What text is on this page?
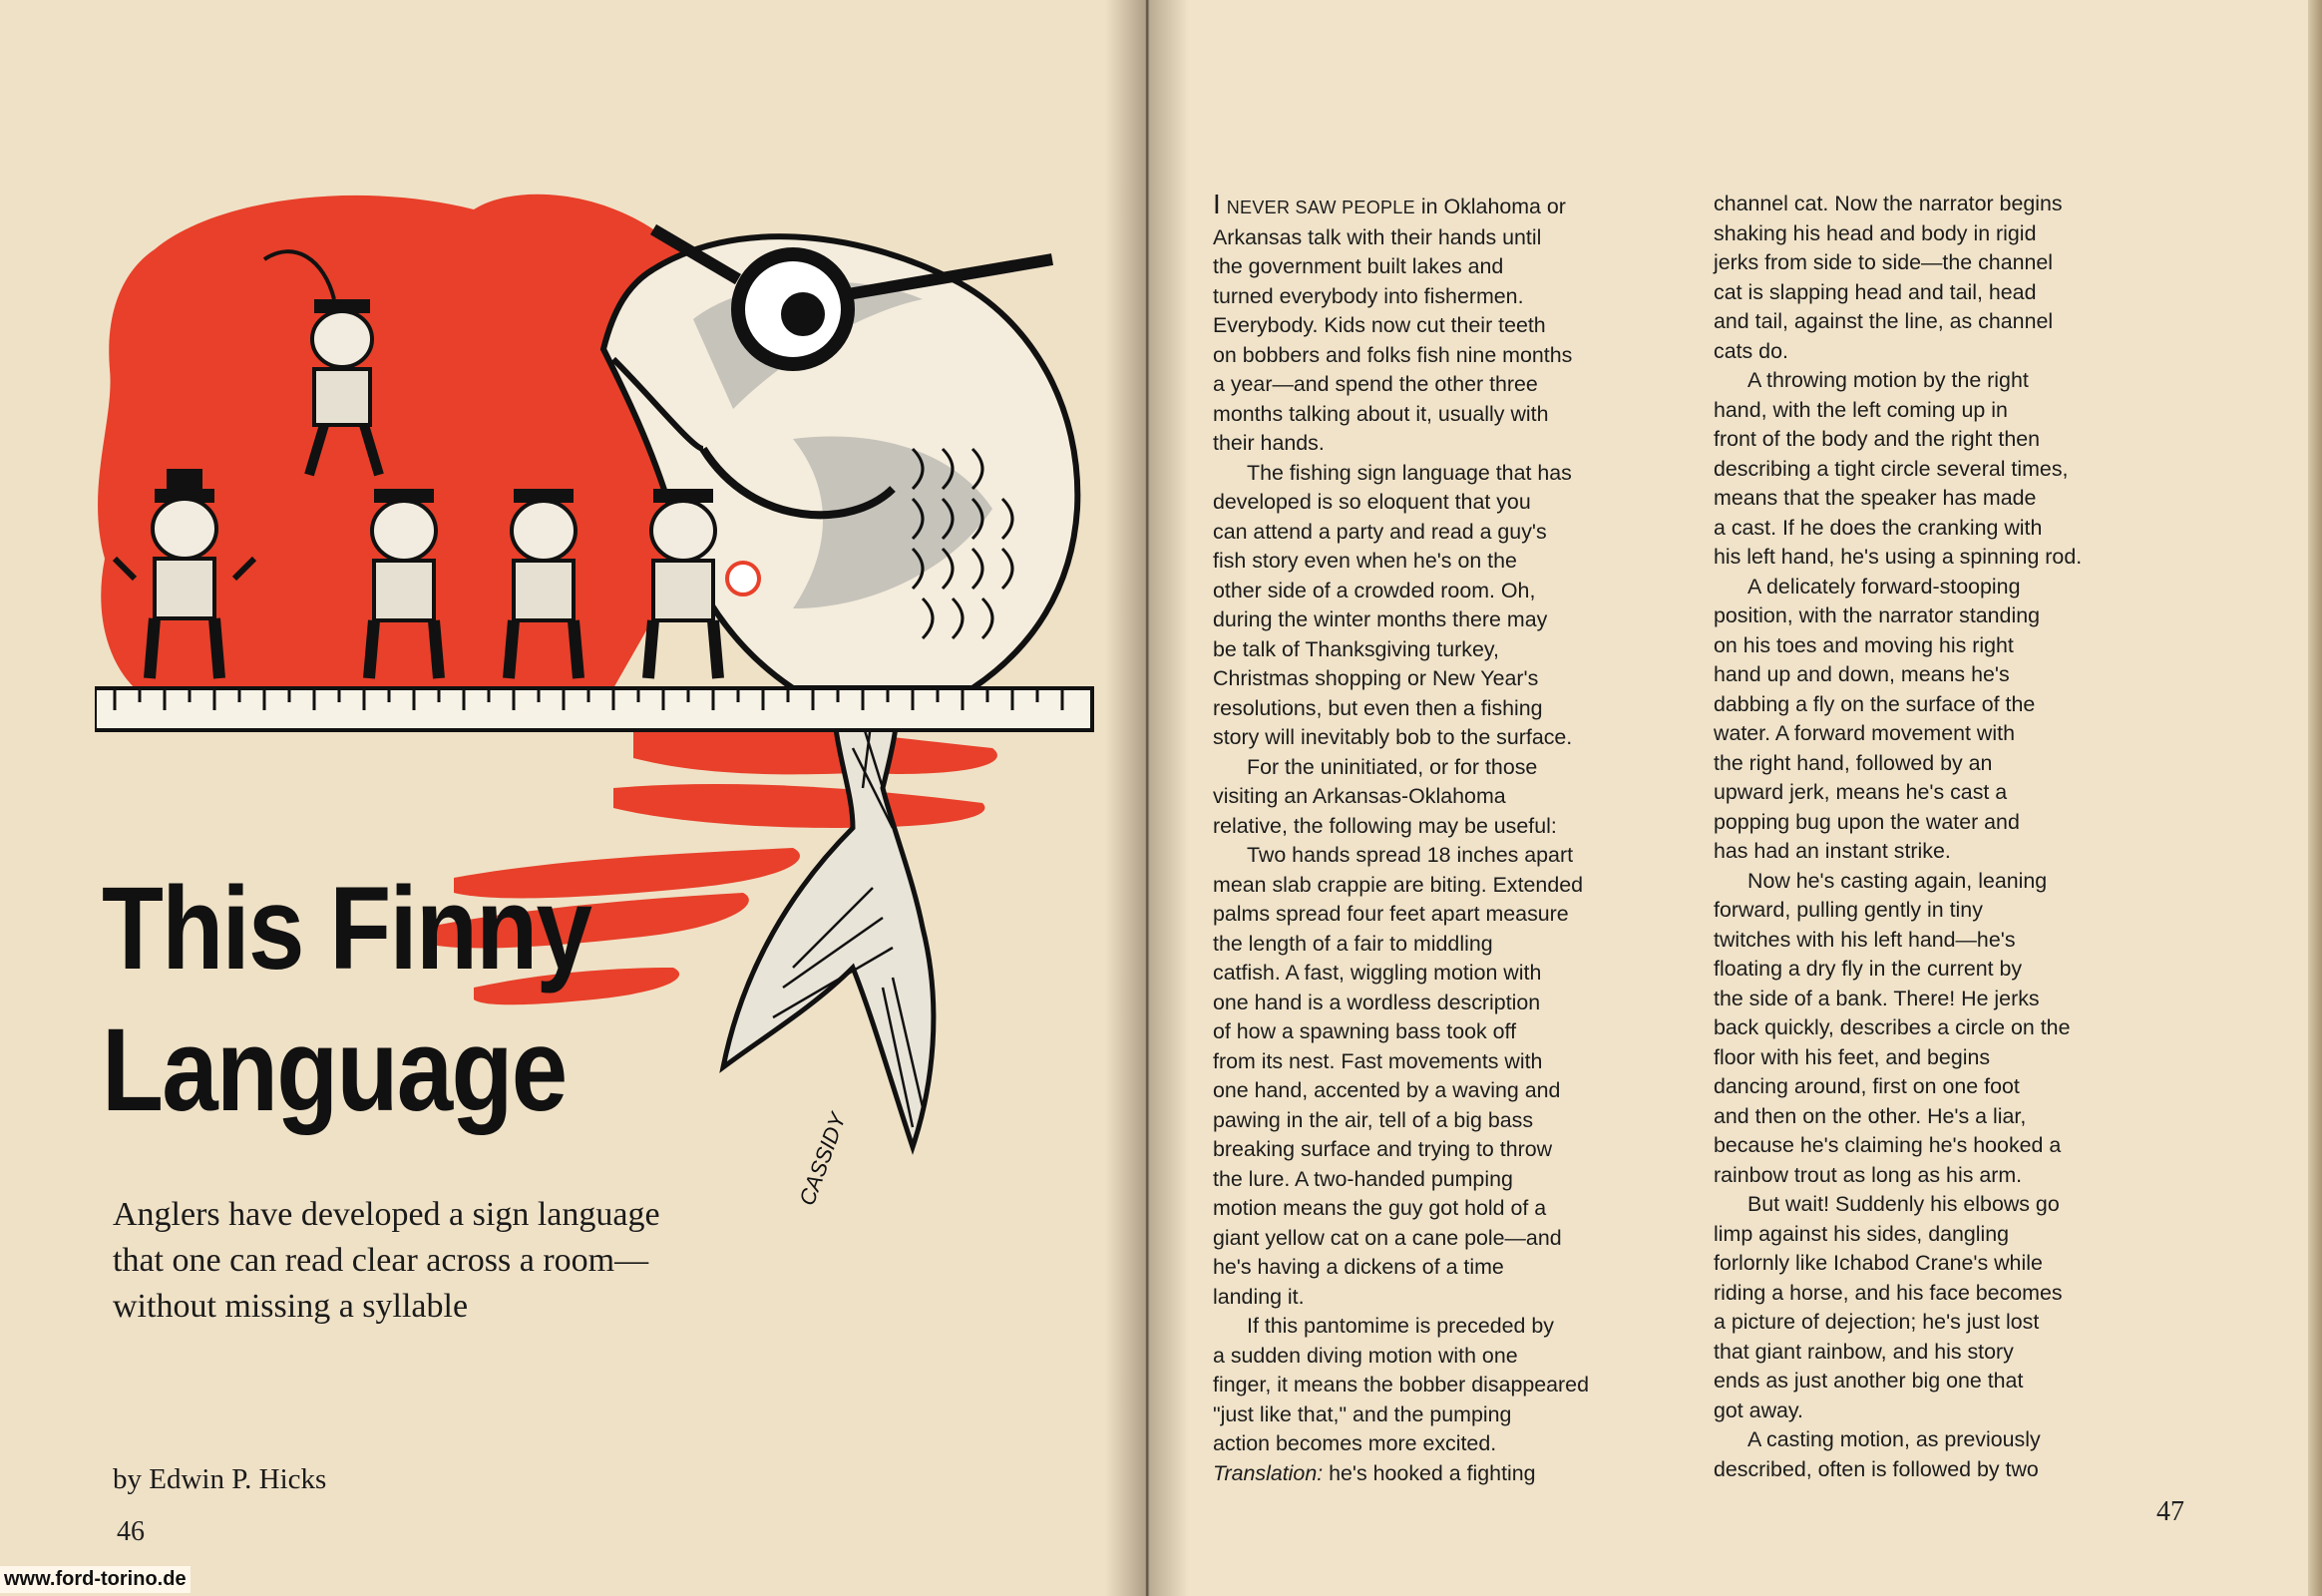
CASSIDY
This Finny
Language
Anglers have developed a sign language
that one can read clear across a room—
without missing a syllable
by Edwin P. Hicks
46
www.ford-torino.de
I NEVER SAW PEOPLE in Oklahoma or
Arkansas talk with their hands until
the government built lakes and
turned everybody into fishermen.
Everybody. Kids now cut their teeth
on bobbers and folks fish nine months
a year—and spend the other three
months talking about it, usually with
their hands.
The fishing sign language that has
developed is so eloquent that you
can attend a party and read a guy's
fish story even when he's on the
other side of a crowded room. Oh,
during the winter months there may
be talk of Thanksgiving turkey,
Christmas shopping or New Year's
resolutions, but even then a fishing
story will inevitably bob to the surface.
For the uninitiated, or for those
visiting an Arkansas-Oklahoma
relative, the following may be useful:
Two hands spread 18 inches apart
mean slab crappie are biting. Extended
palms spread four feet apart measure
the length of a fair to middling
catfish. A fast, wiggling motion with
one hand is a wordless description
of how a spawning bass took off
from its nest. Fast movements with
one hand, accented by a waving and
pawing in the air, tell of a big bass
breaking surface and trying to throw
the lure. A two-handed pumping
motion means the guy got hold of a
giant yellow cat on a cane pole—and
he's having a dickens of a time
landing it.
If this pantomime is preceded by
a sudden diving motion with one
finger, it means the bobber disappeared
"just like that," and the pumping
action becomes more excited.
Translation: he's hooked a fighting
channel cat. Now the narrator begins
shaking his head and body in rigid
jerks from side to side—the channel
cat is slapping head and tail, head
and tail, against the line, as channel
cats do.
A throwing motion by the right
hand, with the left coming up in
front of the body and the right then
describing a tight circle several times,
means that the speaker has made
a cast. If he does the cranking with
his left hand, he's using a spinning rod.
A delicately forward-stooping
position, with the narrator standing
on his toes and moving his right
hand up and down, means he's
dabbing a fly on the surface of the
water. A forward movement with
the right hand, followed by an
upward jerk, means he's cast a
popping bug upon the water and
has had an instant strike.
Now he's casting again, leaning
forward, pulling gently in tiny
twitches with his left hand—he's
floating a dry fly in the current by
the side of a bank. There! He jerks
back quickly, describes a circle on the
floor with his feet, and begins
dancing around, first on one foot
and then on the other. He's a liar,
because he's claiming he's hooked a
rainbow trout as long as his arm.
But wait! Suddenly his elbows go
limp against his sides, dangling
forlornly like Ichabod Crane's while
riding a horse, and his face becomes
a picture of dejection; he's just lost
that giant rainbow, and his story
ends as just another big one that
got away.
A casting motion, as previously
described, often is followed by two
47
